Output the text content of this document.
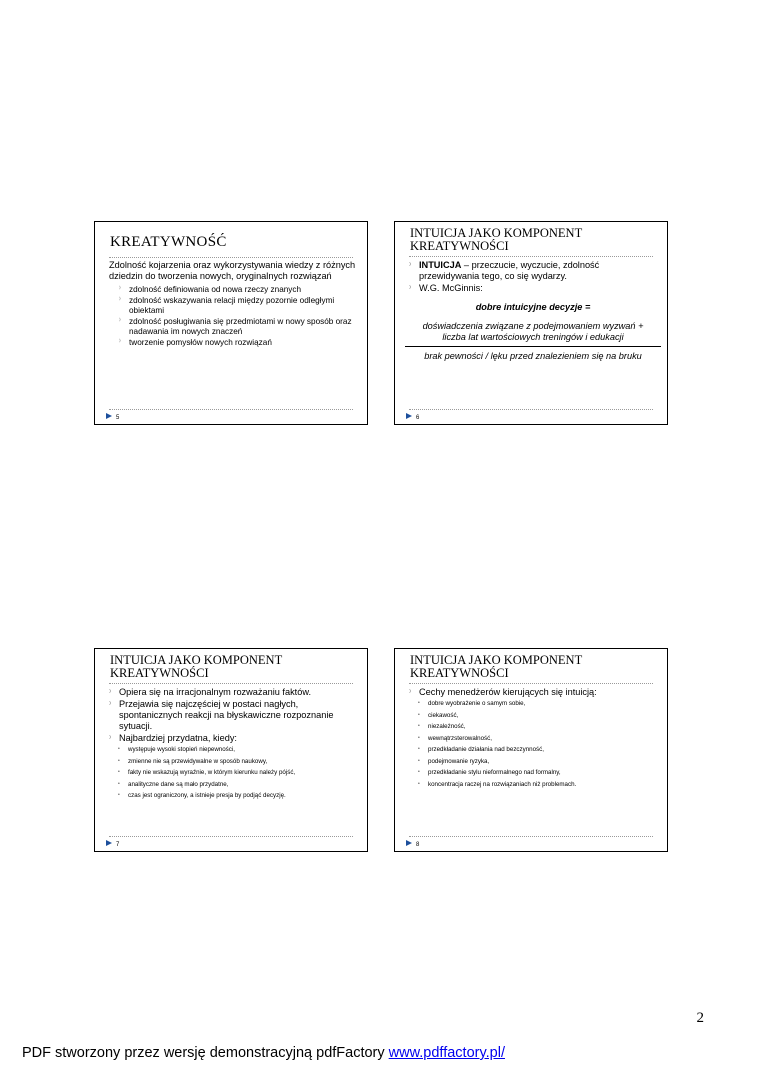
KREATYWNOŚĆ

Zdolność kojarzenia oraz wykorzystywania wiedzy z różnych dziedzin do tworzenia nowych, oryginalnych rozwiązań

⁾ zdolność definiowania od nowa rzeczy znanych
⁾ zdolność wskazywania relacji między pozornie odległymi obiektami
⁾ zdolność posługiwania się przedmiotami w nowy sposób oraz nadawania im nowych znaczeń
⁾ tworzenie pomysłów nowych rozwiązań
5
INTUICJA JAKO KOMPONENT KREATYWNOŚCI
⁾ INTUICJA – przeczucie, wyczucie, zdolność przewidywania tego, co się wydarzy.
⁾ W.G. McGinnis:
dobre intuicyjne decyzje =
doświadczenia związane z podejmowaniem wyzwań + liczba lat wartościowych treningów i edukacji
brak pewności / lęku przed znalezieniem się na bruku
6
INTUICJA JAKO KOMPONENT KREATYWNOŚCI
⁾ Opiera się na irracjonalnym rozważaniu faktów.
⁾ Przejawia się najczęściej w postaci nagłych, spontanicznych reakcji na błyskawiczne rozpoznanie sytuacji.
⁾ Najbardziej przydatna, kiedy:
• występuje wysoki stopień niepewności,
• zmienne nie są przewidywalne w sposób naukowy,
• fakty nie wskazują wyraźnie, w którym kierunku należy pójść,
• analityczne dane są mało przydatne,
• czas jest ograniczony, a istnieje presja by podjąć decyzję.
7
INTUICJA JAKO KOMPONENT KREATYWNOŚCI
⁾ Cechy menedżerów kierujących się intuicją:
• dobre wyobrażenie o samym sobie,
• ciekawość,
• niezależność,
• wewnątrzsterowalność,
• przedkładanie działania nad bezczynność,
• podejmowanie ryzyka,
• przedkładanie stylu nieformalnego nad formalny,
• koncentracja raczej na rozwiązaniach niż problemach.
8
2
PDF stworzony przez wersję demonstracyjną pdfFactory www.pdffactory.pl/
